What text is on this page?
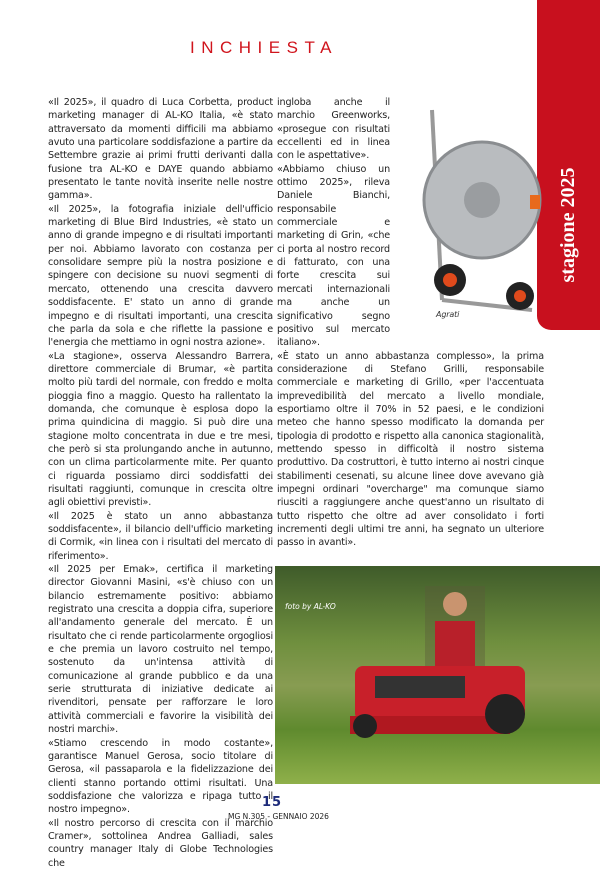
INCHIESTA
stagione 2025

«Il 2025», il quadro di Luca Corbetta, product marketing manager di AL-KO Italia, «è stato attraversato da momenti difficili ma abbiamo avuto una particolare soddisfazione a partire da Settembre grazie ai primi frutti derivanti dalla fusione tra AL-KO e DAYE quando abbiamo presentato le tante novità inserite nelle nostre gamma».

«Il 2025», la fotografia iniziale dell'ufficio marketing di Blue Bird Industries, «è stato un anno di grande impegno e di risultati importanti per noi. Abbiamo lavorato con costanza per consolidare sempre più la nostra posizione e spingere con decisione su nuovi segmenti di mercato, ottenendo una crescita davvero soddisfacente. E' stato un anno di grande impegno e di risultati importanti, una crescita che parla da sola e che riflette la passione e l'energia che mettiamo in ogni nostra azione».

«La stagione», osserva Alessandro Barrera, direttore commerciale di Brumar, «è partita molto più tardi del normale, con freddo e molta pioggia fino a maggio. Questo ha rallentato la domanda, che comunque è esplosa dopo la prima quindicina di maggio. Si può dire una stagione molto concentrata in due e tre mesi, che però si sta prolungando anche in autunno, con un clima particolarmente mite. Per quanto ci riguarda possiamo dirci soddisfatti dei risultati raggiunti, comunque in crescita oltre agli obiettivi previsti».

«Il 2025 è stato un anno abbastanza soddisfacente», il bilancio dell'ufficio marketing di Cormik, «in linea con i risultati del mercato di riferimento».

«Il 2025 per Emak», certifica il marketing director Giovanni Masini, «s'è chiuso con un bilancio estremamente positivo: abbiamo registrato una crescita a doppia cifra, superiore all'andamento generale del mercato. È un risultato che ci rende particolarmente orgogliosi e che premia un lavoro costruito nel tempo, sostenuto da un'intensa attività di comunicazione al grande pubblico e da una serie strutturata di iniziative dedicate ai rivenditori, pensate per rafforzare le loro attività commerciali e favorire la visibilità dei nostri marchi».

«Stiamo crescendo in modo costante», garantisce Manuel Gerosa, socio titolare di Gerosa, «il passaparola e la fidelizzazione dei clienti stanno portando ottimi risultati. Una soddisfazione che valorizza e ripaga tutto il nostro impegno».

«Il nostro percorso di crescita con il marchio Cramer», sottolinea Andrea Galliadi, sales country manager Italy di Globe Technologies che

Agrati

ingloba anche il marchio Greenworks, «prosegue con risultati eccellenti ed in linea con le aspettative».

«Abbiamo chiuso un ottimo 2025», rileva Daniele Bianchi, responsabile commerciale e marketing di Grin, «che ci porta al nostro record di fatturato, con una forte crescita sui mercati internazionali ma anche un significativo segno positivo sul mercato italiano».

«È stato un anno abbastanza complesso», la prima considerazione di Stefano Grilli, responsabile commerciale e marketing di Grillo, «per l'accentuata imprevedibilità del mercato a livello mondiale, esportiamo oltre il 70% in 52 paesi, e le condizioni meteo che hanno spesso modificato la domanda per tipologia di prodotto e rispetto alla canonica stagionalità, mettendo spesso in difficoltà il nostro sistema produttivo. Da costruttori, è tutto interno ai nostri cinque stabilimenti cesenati, su alcune linee dove avevano già impegni ordinari "overcharge" ma comunque siamo riusciti a raggiungere anche quest'anno un risultato di tutto rispetto che oltre ad aver consolidato i forti incrementi degli ultimi tre anni, ha segnato un ulteriore passo in avanti».

foto by AL-KO
15
MG N.305 - GENNAIO 2026
